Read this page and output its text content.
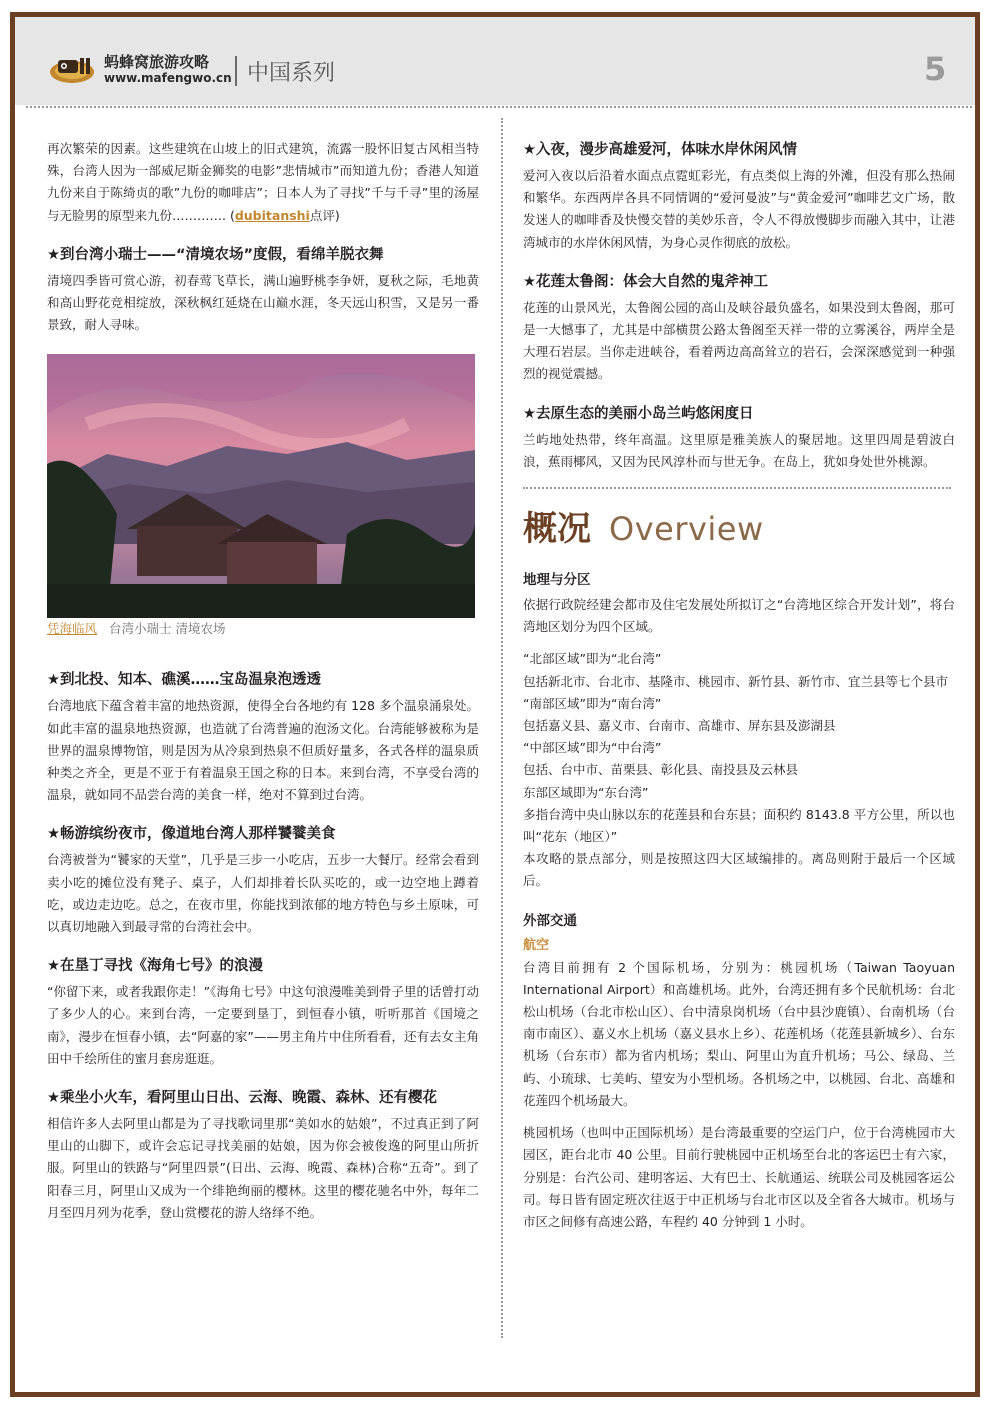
蚂蜂窝旅游攻略
www.mafengwo.cn 中国系列	5

再次繁荣的因素。这些建筑在山坡上的旧式建筑，流露一股怀旧复古风相当特殊，台湾人因为一部威尼斯金狮奖的电影”悲情城市”而知道九份；香港人知道九份来自于陈绮贞的歌”九份的咖啡店”；日本人为了寻找”千与千寻”里的汤屋与无脸男的原型来九份…………. (dubitanshi点评)

★到台湾小瑞士——“清境农场”度假，看绵羊脱衣舞

清境四季皆可赏心游，初春莺飞草长，满山遍野桃李争妍，夏秋之际，毛地黄和高山野花竞相绽放，深秋枫红延烧在山巅水涯，冬天远山积雪，又是另一番景致，耐人寻味。

凭海临风 台湾小瑞士 清境农场

★到北投、知本、礁溪……宝岛温泉泡透透

台湾地底下蕴含着丰富的地热资源，使得全台各地约有 128 多个温泉涌泉处。如此丰富的温泉地热资源，也造就了台湾普遍的泡汤文化。台湾能够被称为是世界的温泉博物馆，则是因为从冷泉到热泉不但质好量多，各式各样的温泉质种类之齐全，更是不亚于有着温泉王国之称的日本。来到台湾，不享受台湾的温泉，就如同不品尝台湾的美食一样，绝对不算到过台湾。

★畅游缤纷夜市，像道地台湾人那样饕餮美食

台湾被誉为“饕家的天堂”，几乎是三步一小吃店，五步一大餐厅。经常会看到卖小吃的摊位没有凳子、桌子，人们却排着长队买吃的，或一边空地上蹲着吃，或边走边吃。总之，在夜市里，你能找到浓郁的地方特色与乡土原味，可以真切地融入到最寻常的台湾社会中。

★在垦丁寻找《海角七号》的浪漫

“你留下来，或者我跟你走！”《海角七号》中这句浪漫唯美到骨子里的话曾打动了多少人的心。来到台湾，一定要到垦丁，到恒春小镇，听听那首《国境之南》，漫步在恒春小镇，去“阿嘉的家”——男主角片中住所看看，还有去女主角田中千绘所住的蜜月套房逛逛。

★乘坐小火车，看阿里山日出、云海、晚霞、森林、还有樱花

相信许多人去阿里山都是为了寻找歌词里那“美如水的姑娘”，不过真正到了阿里山的山脚下，或许会忘记寻找美丽的姑娘，因为你会被俊逸的阿里山所折服。阿里山的铁路与“阿里四景”(日出、云海、晚霞、森林)合称“五奇”。到了阳春三月，阿里山又成为一个绯艳绚丽的樱林。这里的樱花驰名中外，每年二月至四月列为花季，登山赏樱花的游人络绎不绝。

★入夜，漫步高雄爱河，体味水岸休闲风情

爱河入夜以后沿着水面点点霓虹彩光，有点类似上海的外滩，但没有那么热闹和繁华。东西两岸各具不同情调的“爱河曼波”与“黄金爱河”咖啡艺文广场，散发迷人的咖啡香及快慢交替的美妙乐音，令人不得放慢脚步而融入其中，让港湾城市的水岸休闲风情，为身心灵作彻底的放松。

★花莲太鲁阁：体会大自然的鬼斧神工

花莲的山景风光，太鲁阁公园的高山及峡谷最负盛名，如果没到太鲁阁，那可是一大憾事了，尤其是中部横贯公路太鲁阁至天祥一带的立雾溪谷，两岸全是大理石岩层。当你走进峡谷，看着两边高高耸立的岩石，会深深感觉到一种强烈的视觉震撼。

★去原生态的美丽小岛兰屿悠闲度日

兰屿地处热带，终年高温。这里原是雅美族人的聚居地。这里四周是碧波白浪，蕉雨椰风，又因为民风淳朴而与世无争。在岛上，犹如身处世外桃源。

概况 Overview
地理与分区

依据行政院经建会都市及住宅发展处所拟订之“台湾地区综合开发计划”，将台湾地区划分为四个区域。

“北部区域”即为“北台湾”

包括新北市、台北市、基隆市、桃园市、新竹县、新竹市、宜兰县等七个县市

“南部区域”即为“南台湾”

包括嘉义县、嘉义市、台南市、高雄市、屏东县及澎湖县

“中部区域”即为“中台湾”

包括、台中市、苗栗县、彰化县、南投县及云林县

东部区域即为“东台湾”

多指台湾中央山脉以东的花莲县和台东县；面积约 8143.8 平方公里，所以也叫“花东（地区）”

本攻略的景点部分，则是按照这四大区域编排的。离岛则附于最后一个区域后。

外部交通
航空

台湾目前拥有 2 个国际机场，分别为：桃园机场（Taiwan Taoyuan International Airport）和高雄机场。此外，台湾还拥有多个民航机场：台北松山机场（台北市松山区）、台中清泉岗机场（台中县沙鹿镇）、台南机场（台南市南区）、嘉义水上机场（嘉义县水上乡）、花莲机场（花莲县新城乡）、台东机场（台东市）都为省内机场；梨山、阿里山为直升机场；马公、绿岛、兰屿、小琉球、七美屿、望安为小型机场。各机场之中，以桃园、台北、高雄和花莲四个机场最大。

桃园机场（也叫中正国际机场）是台湾最重要的空运门户，位于台湾桃园市大园区，距台北市 40 公里。目前行驶桃园中正机场至台北的客运巴士有六家，分别是：台汽公司、建明客运、大有巴士、长航通运、统联公司及桃园客运公司。每日皆有固定班次往返于中正机场与台北市区以及全省各大城市。机场与市区之间修有高速公路，车程约 40 分钟到 1 小时。
